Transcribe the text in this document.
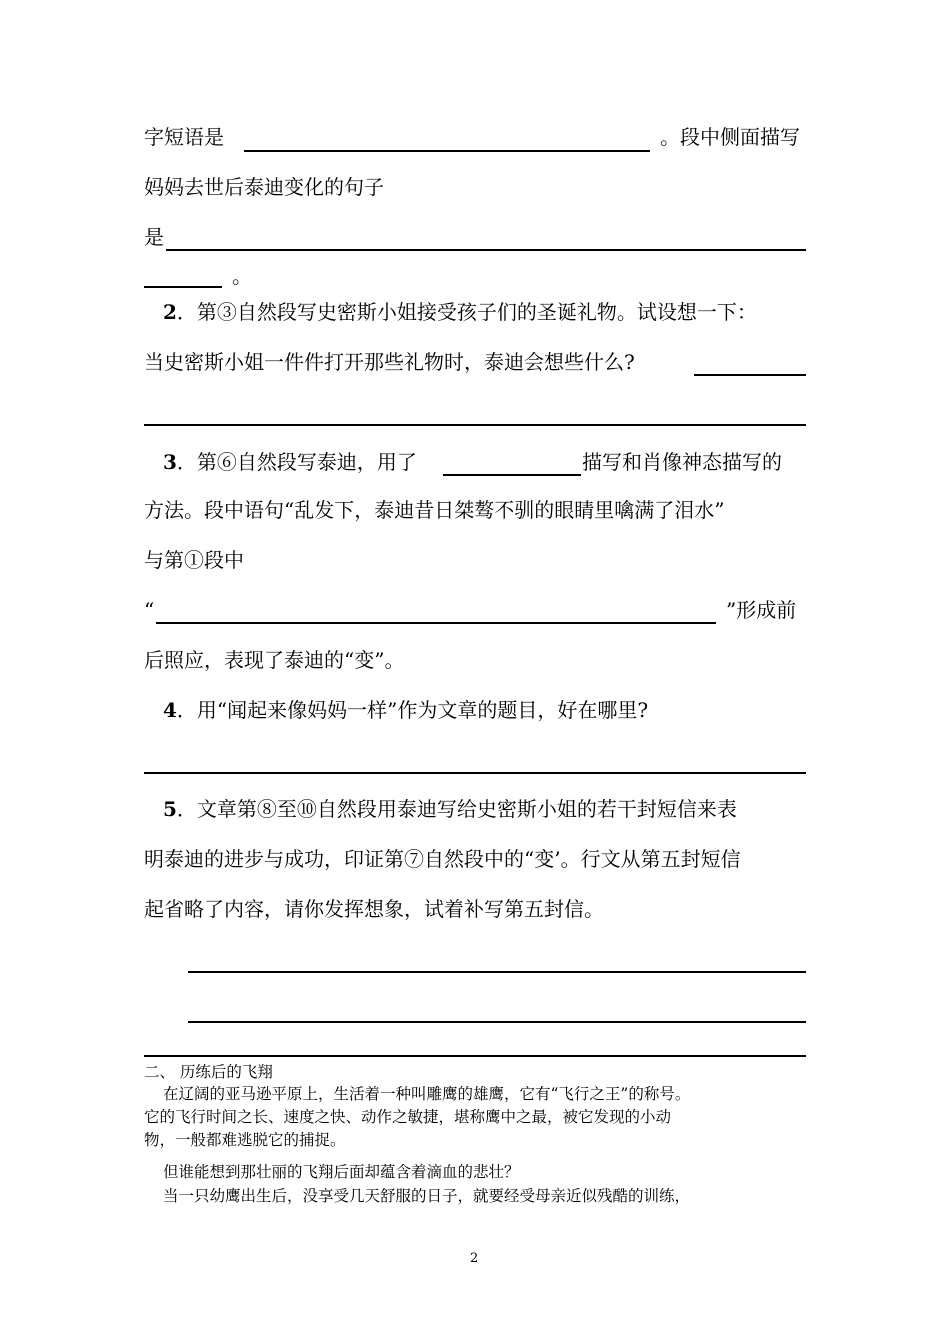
字短语是	。段中侧面描写
妈妈去世后泰迪变化的句子
是
。
2．第③自然段写史密斯小姐接受孩子们的圣诞礼物。试设想一下：
当史密斯小姐一件件打开那些礼物时，泰迪会想些什么?
3．第⑥自然段写泰迪，用了	描写和肖像神态描写的
方法。段中语句“乱发下，泰迪昔日桀骜不驯的眼睛里噙满了泪水”
与第①段中
“	”形成前
后照应，表现了泰迪的“变”。
4．用“闻起来像妈妈一样”作为文章的题目，好在哪里?
5．文章第⑧至⑩自然段用泰迪写给史密斯小姐的若干封短信来表
明泰迪的进步与成功，印证第⑦自然段中的“变’。行文从第五封短信
起省略了内容，请你发挥想象，试着补写第五封信。
二、 历练后的飞翔
在辽阔的亚马逊平原上，生活着一种叫雕鹰的雄鹰，它有“飞行之王”的称号。
它的飞行时间之长、速度之快、动作之敏捷，堪称鹰中之最，被它发现的小动
物，一般都难逃脱它的捕捉。
但谁能想到那壮丽的飞翔后面却蕴含着滴血的悲壮？
当一只幼鹰出生后，没享受几天舒服的日子，就要经受母亲近似残酷的训练，
2
